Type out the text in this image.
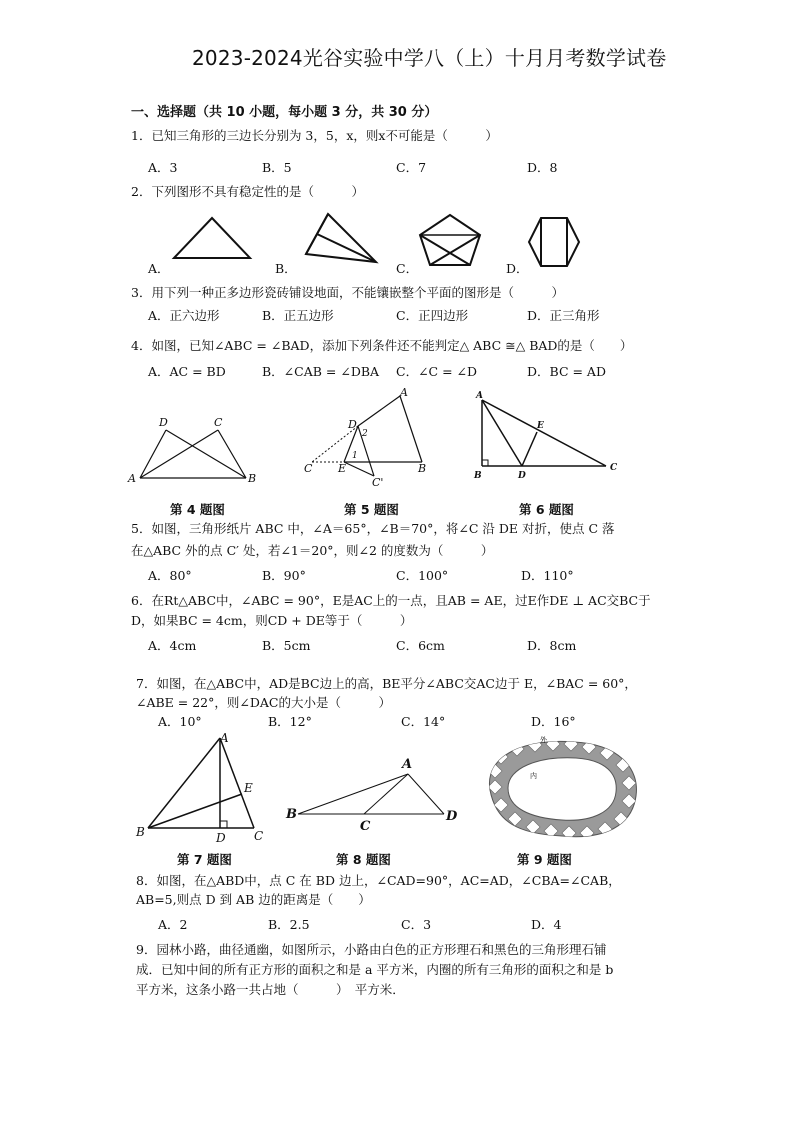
2023-2024光谷实验中学八（上）十月月考数学试卷
一、选择题（共 10 小题，每小题 3 分，共 30 分）
1．已知三角形的三边长分别为 3，5，x，则x不可能是（　　　）
A．3	B．5	C．7	D．8
2．下列图形不具有稳定性的是（　　　）
A．	B．	C．	D．
3．用下列一种正多边形瓷砖铺设地面，不能镶嵌整个平面的图形是（　　　）
A．正六边形	B．正五边形	C．正四边形	D．正三角形
4．如图，已知∠ABC = ∠BAD，添加下列条件还不能判定△ ABC ≅△ BAD的是（　　）
A．AC = BD	B．∠CAB = ∠DBA C．∠C = ∠D	D．BC = AD
D	C
A	B
第 4 题图
A
D
2
1
C E	B
C'
第 5 题图
A
E
B	D
C
第 6 题图
5．如图，三角形纸片 ABC 中，∠A＝65°，∠B＝70°，将∠C 沿 DE 对折，使点 C 落
在△ABC 外的点 C′ 处，若∠1＝20°，则∠2 的度数为（　　　）
A．80°	B．90°	C．100°	D．110°
6．在Rt△ABC中，∠ABC = 90°，E是AC上的一点，且AB = AE，过E作DE ⊥ AC交BC于
D，如果BC = 4cm，则CD + DE等于（　　　）
A．4cm	B．5cm	C．6cm	D．8cm
7．如图，在△ABC中，AD是BC边上的高，BE平分∠ABC交AC边于 E，∠BAC = 60°，
∠ABE = 22°，则∠DAC的大小是（　　　）
A．10°	B．12°	C．14°	D．16°
A
E
B	D C
第 7 题图
A
B
C
D
第 8 题图
外
内
第 9 题图
8．如图，在△ABD中，点 C 在 BD 边上，∠CAD=90°，AC=AD，∠CBA=∠CAB，
AB=5,则点 D 到 AB 边的距离是（　　）
A．2	B．2.5	C．3	D．4
9．园林小路，曲径通幽，如图所示，小路由白色的正方形理石和黑色的三角形理石铺
成．已知中间的所有正方形的面积之和是 a 平方米，内圈的所有三角形的面积之和是 b
平方米，这条小路一共占地（　　　）　平方米．
